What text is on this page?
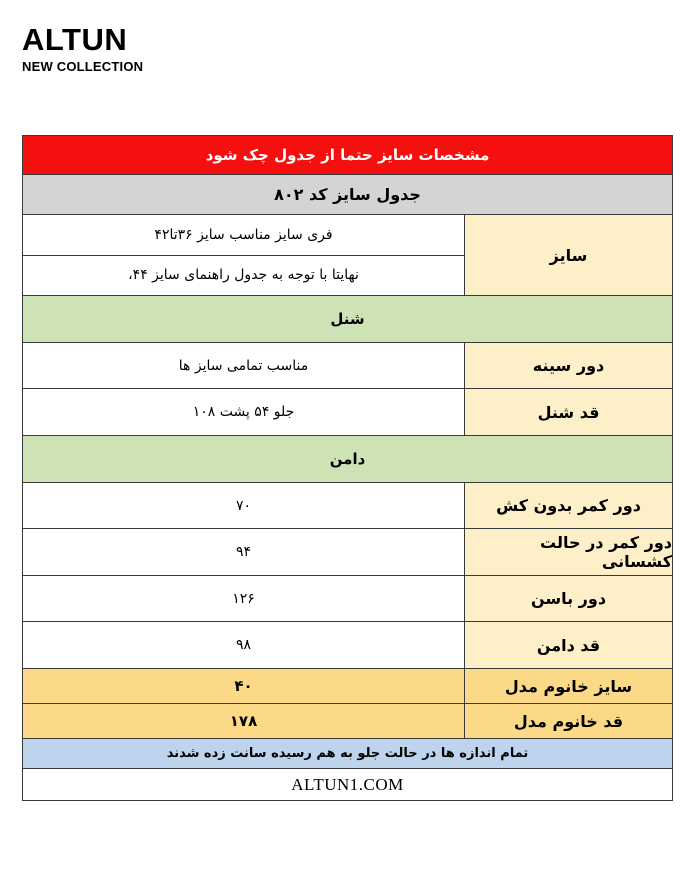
ALTUN
NEW COLLECTION
مشخصات سایز حتما از جدول چک شود
جدول سایز کد ۸۰۲
فری سایز مناسب سایز ۳۶تا۴۲
نهایتا با توجه به جدول راهنمای سایز ۴۴،
سایز
شنل
مناسب تمامی سایز ها	دور سینه
جلو ۵۴ پشت ۱۰۸	قد شنل
دامن
۷۰	دور کمر بدون کش
۹۴	دور کمر در حالت کشسانی
۱۲۶	دور باسن
۹۸	قد دامن
۴۰	سایز خانوم مدل
۱۷۸	قد خانوم مدل
تمام اندازه ها در حالت جلو به هم رسیده سانت زده شدند
ALTUN1.COM
